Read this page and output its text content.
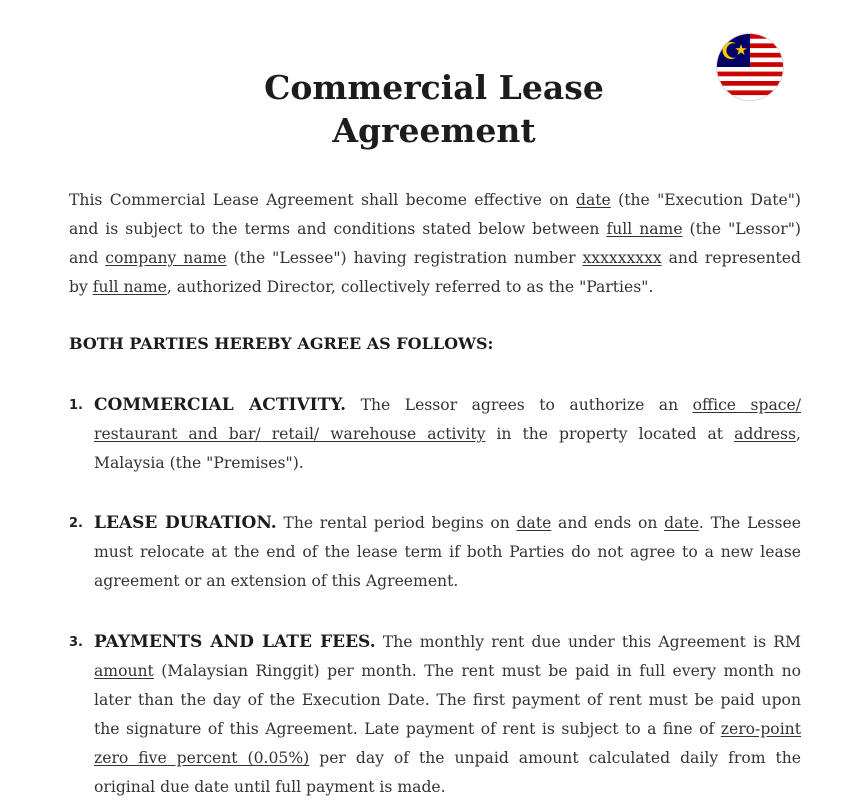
Commercial Lease
Agreement

This Commercial Lease Agreement shall become effective on date (the "Execution Date") and is subject to the terms and conditions stated below between full name (the "Lessor") and company name (the "Lessee") having registration number xxxxxxxxx and represented by full name, authorized Director, collectively referred to as the "Parties".

BOTH PARTIES HEREBY AGREE AS FOLLOWS:
1. COMMERCIAL ACTIVITY. The Lessor agrees to authorize an office space/ restaurant and bar/ retail/ warehouse activity in the property located at address, Malaysia (the "Premises").
2. LEASE DURATION. The rental period begins on date and ends on date. The Lessee must relocate at the end of the lease term if both Parties do not agree to a new lease agreement or an extension of this Agreement.
3. PAYMENTS AND LATE FEES. The monthly rent due under this Agreement is RM amount (Malaysian Ringgit) per month. The rent must be paid in full every month no later than the day of the Execution Date. The first payment of rent must be paid upon the signature of this Agreement. Late payment of rent is subject to a fine of zero-point zero five percent (0.05%) per day of the unpaid amount calculated daily from the original due date until full payment is made.
